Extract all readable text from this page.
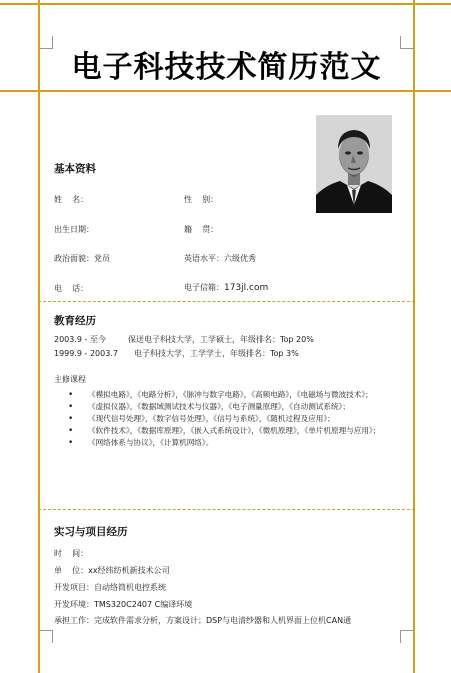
电子科技技术简历范文
基本资料
姓    名：	性    别：
出生日期：	籍    贯：
政治面貌：党员	英语水平：六级优秀
电    话：	电子信箱：173jl.com
教育经历
2003.9 - 至今	保送电子科技大学，工学硕士，年级排名：Top 20%
1999.9 - 2003.7 电子科技大学，工学学士，年级排名：Top 3%
主修课程
• 《模拟电路》，《电路分析》，《脉冲与数字电路》，《高频电路》，《电磁场与微波技术》；
• 《虚拟仪器》，《数据域测试技术与仪器》，《电子测量原理》，《自动测试系统》；
• 《现代信号处理》，《数字信号处理》，《信号与系统》，《随机过程及应用》；
• 《软件技术》，《数据库原理》，《嵌入式系统设计》，《微机原理》，《单片机原理与应用》；
• 《网络体系与协议》，《计算机网络》。
实习与项目经历
时    间：
单    位：xx经纬纺机新技术公司
开发项目：自动络筒机电控系统
开发环境：TMS320C2407 C编译环境
承担工作：完成软件需求分析，方案设计；DSP与电清纱器和人机界面上位机CAN通
